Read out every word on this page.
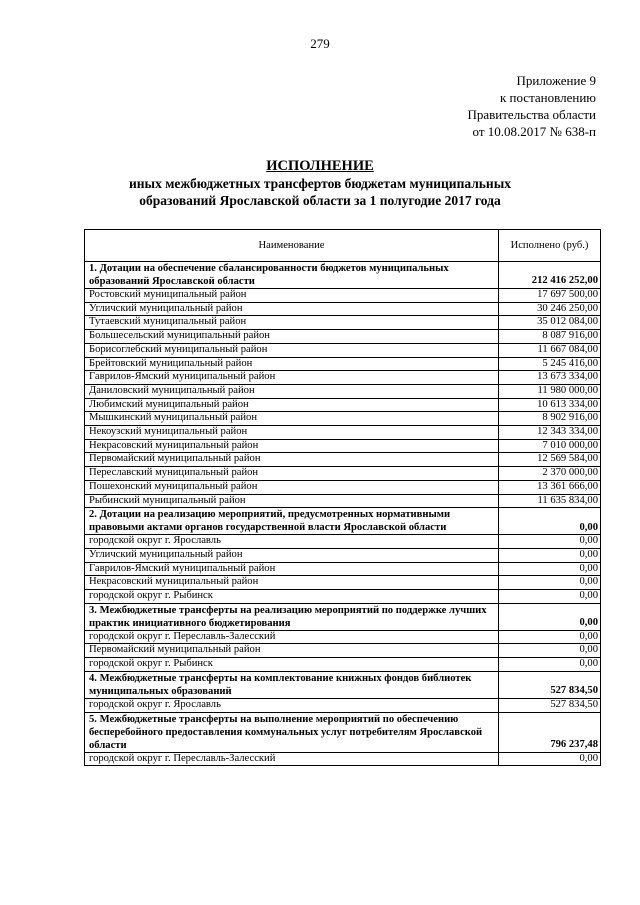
279
Приложение 9
к постановлению
Правительства области
от 10.08.2017 № 638-п
ИСПОЛНЕНИЕ
иных межбюджетных трансфертов бюджетам муниципальных
образований Ярославской области за 1 полугодие 2017 года
Наименование	Исполнено (руб.)
1. Дотации на обеспечение сбалансированности бюджетов муниципальных образований Ярославской области	212 416 252,00
Ростовский муниципальный район	17 697 500,00
Угличский муниципальный район	30 246 250,00
Тутаевский муниципальный район	35 012 084,00
Большесельский муниципальный район	8 087 916,00
Борисоглебский муниципальный район	11 667 084,00
Брейтовский муниципальный район	5 245 416,00
Гаврилов-Ямский муниципальный район	13 673 334,00
Даниловский муниципальный район	11 980 000,00
Любимский муниципальный район	10 613 334,00
Мышкинский муниципальный район	8 902 916,00
Некоузский муниципальный район	12 343 334,00
Некрасовский муниципальный район	7 010 000,00
Первомайский муниципальный район	12 569 584,00
Переславский муниципальный район	2 370 000,00
Пошехонский муниципальный район	13 361 666,00
Рыбинский муниципальный район	11 635 834,00
2. Дотации на реализацию мероприятий, предусмотренных нормативными правовыми актами органов государственной власти Ярославской области	0,00
городской округ г. Ярославль	0,00
Угличский муниципальный район	0,00
Гаврилов-Ямский муниципальный район	0,00
Некрасовский муниципальный район	0,00
городской округ г. Рыбинск	0,00
3. Межбюджетные трансферты на реализацию мероприятий по поддержке лучших практик инициативного бюджетирования	0,00
городской округ г. Переславль-Залесский	0,00
Первомайский муниципальный район	0,00
городской округ г. Рыбинск	0,00
4. Межбюджетные трансферты на комплектование книжных фондов библиотек муниципальных образований	527 834,50
городской округ г. Ярославль	527 834,50
5. Межбюджетные трансферты на выполнение мероприятий по обеспечению бесперебойного предоставления коммунальных услуг потребителям Ярославской области	796 237,48
городской округ г. Переславль-Залесский	0,00
